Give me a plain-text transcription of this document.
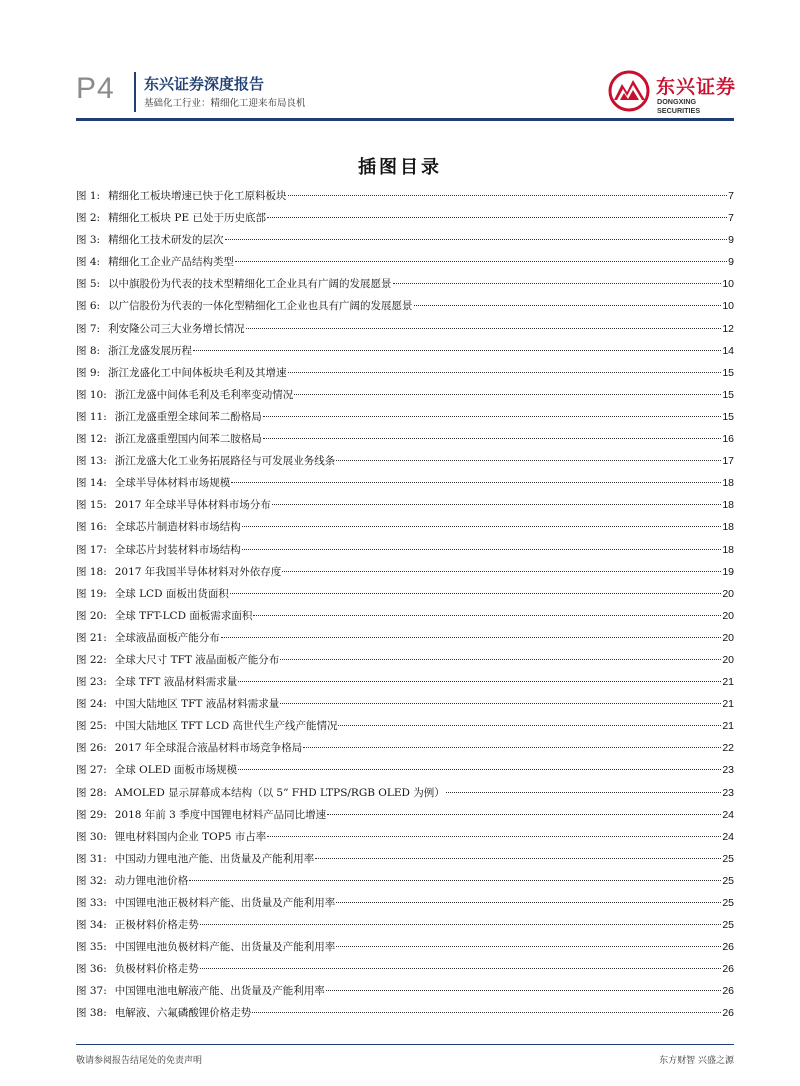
P4 东兴证券深度报告
基础化工行业：精细化工迎来布局良机
东兴证券
DONGXING SECURITIES
插图目录
图 1: 精细化工板块增速已快于化工原料板块	7
图 2: 精细化工板块 PE 已处于历史底部	7
图 3: 精细化工技术研发的层次	9
图 4: 精细化工企业产品结构类型	9
图 5: 以中旗股份为代表的技术型精细化工企业具有广阔的发展愿景	10
图 6: 以广信股份为代表的一体化型精细化工企业也具有广阔的发展愿景	10
图 7: 利安隆公司三大业务增长情况	12
图 8: 浙江龙盛发展历程	14
图 9: 浙江龙盛化工中间体板块毛利及其增速	15
图 10: 浙江龙盛中间体毛利及毛利率变动情况	15
图 11: 浙江龙盛重塑全球间苯二酚格局	15
图 12: 浙江龙盛重塑国内间苯二胺格局	16
图 13: 浙江龙盛大化工业务拓展路径与可发展业务线条	17
图 14: 全球半导体材料市场规模	18
图 15: 2017 年全球半导体材料市场分布	18
图 16: 全球芯片制造材料市场结构	18
图 17: 全球芯片封装材料市场结构	18
图 18: 2017 年我国半导体材料对外依存度	19
图 19: 全球 LCD 面板出货面积	20
图 20: 全球 TFT-LCD 面板需求面积	20
图 21: 全球液晶面板产能分布	20
图 22: 全球大尺寸 TFT 液晶面板产能分布	20
图 23: 全球 TFT 液晶材料需求量	21
图 24: 中国大陆地区 TFT 液晶材料需求量	21
图 25: 中国大陆地区 TFT LCD 高世代生产线产能情况	21
图 26: 2017 年全球混合液晶材料市场竞争格局	22
图 27: 全球 OLED 面板市场规模	23
图 28: AMOLED 显示屏幕成本结构（以 5” FHD LTPS/RGB OLED 为例）	23
图 29: 2018 年前 3 季度中国锂电材料产品同比增速	24
图 30: 锂电材料国内企业 TOP5 市占率	24
图 31: 中国动力锂电池产能、出货量及产能利用率	25
图 32: 动力锂电池价格	25
图 33: 中国锂电池正极材料产能、出货量及产能利用率	25
图 34: 正极材料价格走势	25
图 35: 中国锂电池负极材料产能、出货量及产能利用率	26
图 36: 负极材料价格走势	26
图 37: 中国锂电池电解液产能、出货量及产能利用率	26
图 38: 电解液、六氟磷酸锂价格走势	26
敬请参阅报告结尾处的免责声明	东方财智 兴盛之源
